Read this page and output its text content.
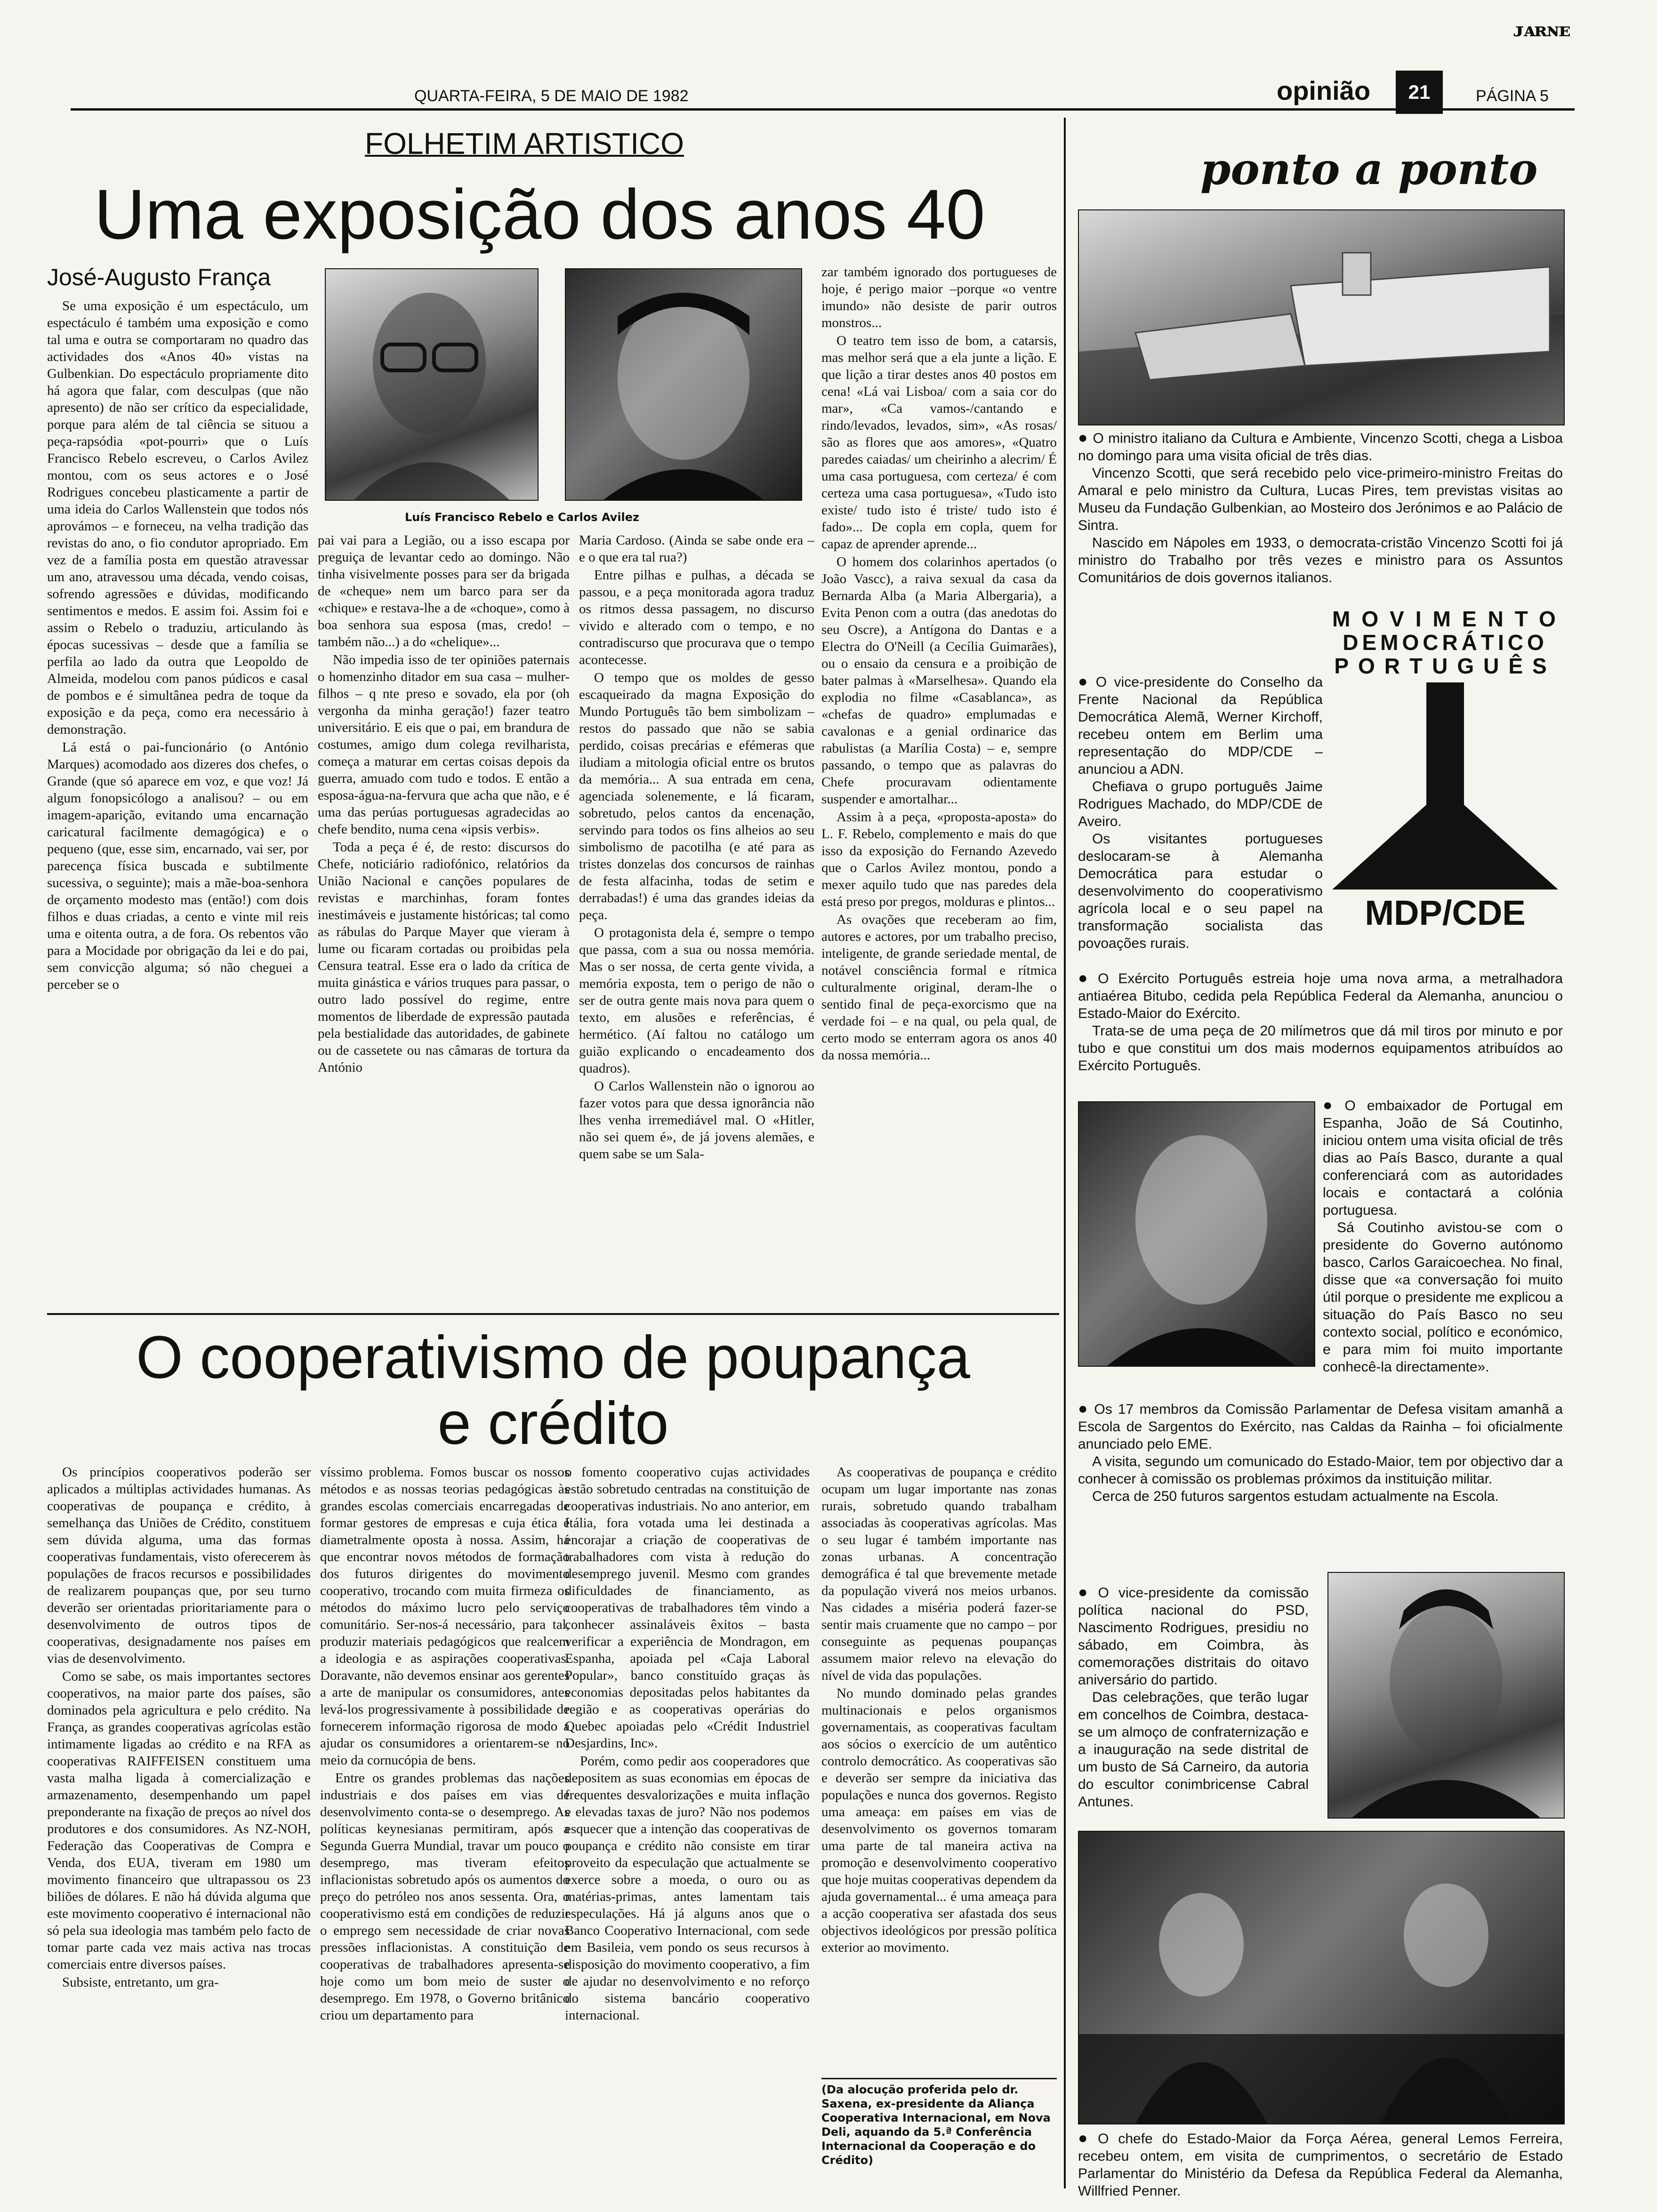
ᴊᴀʀɴᴇ
QUARTA-FEIRA, 5 DE MAIO DE 1982	opinião	21	PÁGINA 5
FOLHETIM ARTISTICO
Uma exposição dos anos 40
José-Augusto França

Se uma exposição é um espectáculo, um espectáculo é também uma exposição e como tal uma e outra se comportaram no quadro das actividades dos «Anos 40» vistas na Gulbenkian. Do espectáculo propriamente dito há agora que falar, com desculpas (que não apresento) de não ser crítico da especialidade, porque para além de tal ciência se situou a peça-rapsódia «pot-pourri» que o Luís Francisco Rebelo escreveu, o Carlos Avilez montou, com os seus actores e o José Rodrigues concebeu plasticamente a partir de uma ideia do Carlos Wallenstein que todos nós aprovámos – e forneceu, na velha tradição das revistas do ano, o fio condutor apropriado. Em vez de a família posta em questão atravessar um ano, atravessou uma década, vendo coisas, sofrendo agressões e dúvidas, modificando sentimentos e medos. E assim foi. Assim foi e assim o Rebelo o traduziu, articulando às épocas sucessivas – desde que a família se perfila ao lado da outra que Leopoldo de Almeida, modelou com panos púdicos e casal de pombos e é simultânea pedra de toque da exposição e da peça, como era necessário à demonstração.

Lá está o pai-funcionário (o António Marques) acomodado aos dizeres dos chefes, o Grande (que só aparece em voz, e que voz! Já algum fonopsicólogo a analisou? – ou em imagem-aparição, evitando uma encarnação caricatural facilmente demagógica) e o pequeno (que, esse sim, encarnado, vai ser, por parecença física buscada e subtilmente sucessiva, o seguinte); mais a mãe-boa-senhora de orçamento modesto mas (então!) com dois filhos e duas criadas, a cento e vinte mil reis uma e oitenta outra, a de fora. Os rebentos vão para a Mocidade por obrigação da lei e do pai, sem convicção alguma; só não cheguei a perceber se o

Luís Francisco Rebelo e Carlos Avilez

pai vai para a Legião, ou a isso escapa por preguiça de levantar cedo ao domingo. Não tinha visivelmente posses para ser da brigada de «cheque» nem um barco para ser da «chique» e restava-lhe a de «choque», como à boa senhora sua esposa (mas, credo! – também não...) a do «chelique»...

Não impedia isso de ter opiniões paternais o homenzinho ditador em sua casa – mulher-filhos – q nte preso e sovado, ela por (oh vergonha da minha geração!) fazer teatro universitário. E eis que o pai, em brandura de costumes, amigo dum colega revilharista, começa a maturar em certas coisas depois da guerra, amuado com tudo e todos. E então a esposa-água-na-fervura que acha que não, e é uma das perúas portuguesas agradecidas ao chefe bendito, numa cena «ipsis verbis».

Toda a peça é é, de resto: discursos do Chefe, noticiário radiofónico, relatórios da União Nacional e canções populares de revistas e marchinhas, foram fontes inestimáveis e justamente históricas; tal como as rábulas do Parque Mayer que vieram à lume ou ficaram cortadas ou proibidas pela Censura teatral. Esse era o lado da crítica de muita ginástica e vários truques para passar, o outro lado possível do regime, entre momentos de liberdade de expressão pautada pela bestialidade das autoridades, de gabinete ou de cassetete ou nas câmaras de tortura da António

Maria Cardoso. (Ainda se sabe onde era – e o que era tal rua?)

Entre pilhas e pulhas, a década se passou, e a peça monitorada agora traduz os ritmos dessa passagem, no discurso vivido e alterado com o tempo, e no contradiscurso que procurava que o tempo acontecesse.

O tempo que os moldes de gesso escaqueirado da magna Exposição do Mundo Português tão bem simbolizam – restos do passado que não se sabia perdido, coisas precárias e efémeras que iludiam a mitologia oficial entre os brutos da memória... A sua entrada em cena, agenciada solenemente, e lá ficaram, sobretudo, pelos cantos da encenação, servindo para todos os fins alheios ao seu simbolismo de pacotilha (e até para as tristes donzelas dos concursos de rainhas de festa alfacinha, todas de setim e derrabadas!) é uma das grandes ideias da peça.

O protagonista dela é, sempre o tempo que passa, com a sua ou nossa memória. Mas o ser nossa, de certa gente vivida, a memória exposta, tem o perigo de não o ser de outra gente mais nova para quem o texto, em alusões e referências, é hermético. (Aí faltou no catálogo um guião explicando o encadeamento dos quadros).

O Carlos Wallenstein não o ignorou ao fazer votos para que dessa ignorância não lhes venha irremediável mal. O «Hitler, não sei quem é», de já jovens alemães, e quem sabe se um Sala-

zar também ignorado dos portugueses de hoje, é perigo maior –porque «o ventre imundo» não desiste de parir outros monstros...

O teatro tem isso de bom, a catarsis, mas melhor será que a ela junte a lição. E que lição a tirar destes anos 40 postos em cena! «Lá vai Lisboa/ com a saia cor do mar», «Ca vamos-/cantando e rindo/levados, levados, sim», «As rosas/ são as flores que aos amores», «Quatro paredes caiadas/ um cheirinho a alecrim/ É uma casa portuguesa, com certeza/ é com certeza uma casa portuguesa», «Tudo isto existe/ tudo isto é triste/ tudo isto é fado»... De copla em copla, quem for capaz de aprender aprende...

O homem dos colarinhos apertados (o João Vascc), a raiva sexual da casa da Bernarda Alba (a Maria Albergaria), a Evita Penon com a outra (das anedotas do seu Oscre), a Antígona do Dantas e a Electra do O'Neill (a Cecília Guimarães), ou o ensaio da censura e a proibição de bater palmas à «Marselhesa». Quando ela explodia no filme «Casablanca», as «chefas de quadro» emplumadas e cavalonas e a genial ordinarice das rabulistas (a Marília Costa) – e, sempre passando, o tempo que as palavras do Chefe procuravam odientamente suspender e amortalhar...

Assim à a peça, «proposta-aposta» do L. F. Rebelo, complemento e mais do que isso da exposição do Fernando Azevedo que o Carlos Avilez montou, pondo a mexer aquilo tudo que nas paredes dela está preso por pregos, molduras e plintos...

As ovações que receberam ao fim, autores e actores, por um trabalho preciso, inteligente, de grande seriedade mental, de notável consciência formal e rítmica culturalmente original, deram-lhe o sentido final de peça-exorcismo que na verdade foi – e na qual, ou pela qual, de certo modo se enterram agora os anos 40 da nossa memória...

O cooperativismo de poupança
e crédito

Os princípios cooperativos poderão ser aplicados a múltiplas actividades humanas. As cooperativas de poupança e crédito, à semelhança das Uniões de Crédito, constituem sem dúvida alguma, uma das formas cooperativas fundamentais, visto oferecerem às populações de fracos recursos e possibilidades de realizarem poupanças que, por seu turno deverão ser orientadas prioritariamente para o desenvolvimento de outros tipos de cooperativas, designadamente nos países em vias de desenvolvimento.

Como se sabe, os mais importantes sectores cooperativos, na maior parte dos países, são dominados pela agricultura e pelo crédito. Na França, as grandes cooperativas agrícolas estão intimamente ligadas ao crédito e na RFA as cooperativas RAIFFEISEN constituem uma vasta malha ligada à comercialização e armazenamento, desempenhando um papel preponderante na fixação de preços ao nível dos produtores e dos consumidores. As NZ-NOH, Federação das Cooperativas de Compra e Venda, dos EUA, tiveram em 1980 um movimento financeiro que ultrapassou os 23 biliões de dólares. E não há dúvida alguma que este movimento cooperativo é internacional não só pela sua ideologia mas também pelo facto de tomar parte cada vez mais activa nas trocas comerciais entre diversos países.

Subsiste, entretanto, um gra-

víssimo problema. Fomos buscar os nossos métodos e as nossas teorias pedagógicas às grandes escolas comerciais encarregadas de formar gestores de empresas e cuja ética é diametralmente oposta à nossa. Assim, há que encontrar novos métodos de formação dos futuros dirigentes do movimento cooperativo, trocando com muita firmeza os métodos do máximo lucro pelo serviço comunitário. Ser-nos-á necessário, para tal, produzir materiais pedagógicos que realcem a ideologia e as aspirações cooperativas. Doravante, não devemos ensinar aos gerentes a arte de manipular os consumidores, antes levá-los progressivamente à possibilidade de fornecerem informação rigorosa de modo a ajudar os consumidores a orientarem-se no meio da cornucópia de bens.

Entre os grandes problemas das nações industriais e dos países em vias de desenvolvimento conta-se o desemprego. As políticas keynesianas permitiram, após a Segunda Guerra Mundial, travar um pouco o desemprego, mas tiveram efeitos inflacionistas sobretudo após os aumentos do preço do petróleo nos anos sessenta. Ora, o cooperativismo está em condições de reduzir o emprego sem necessidade de criar novas pressões inflacionistas. A constituição de cooperativas de trabalhadores apresenta-se hoje como um bom meio de suster o desemprego. Em 1978, o Governo britânico criou um departamento para

o fomento cooperativo cujas actividades estão sobretudo centradas na constituição de cooperativas industriais. No ano anterior, em Itália, fora votada uma lei destinada a encorajar a criação de cooperativas de trabalhadores com vista à redução do desemprego juvenil. Mesmo com grandes dificuldades de financiamento, as cooperativas de trabalhadores têm vindo a conhecer assinaláveis êxitos – basta verificar a experiência de Mondragon, em Espanha, apoiada pel «Caja Laboral Popular», banco constituído graças às economias depositadas pelos habitantes da região e as cooperativas operárias do Quebec apoiadas pelo «Crédit Industriel Desjardins, Inc».

Porém, como pedir aos cooperadores que depositem as suas economias em épocas de frequentes desvalorizações e muita inflação e elevadas taxas de juro? Não nos podemos esquecer que a intenção das cooperativas de poupança e crédito não consiste em tirar proveito da especulação que actualmente se exerce sobre a moeda, o ouro ou as matérias-primas, antes lamentam tais especulações. Há já alguns anos que o Banco Cooperativo Internacional, com sede em Basileia, vem pondo os seus recursos à disposição do movimento cooperativo, a fim de ajudar no desenvolvimento e no reforço do sistema bancário cooperativo internacional.

As cooperativas de poupança e crédito ocupam um lugar importante nas zonas rurais, sobretudo quando trabalham associadas às cooperativas agrícolas. Mas o seu lugar é também importante nas zonas urbanas. A concentração demográfica é tal que brevemente metade da população viverá nos meios urbanos. Nas cidades a miséria poderá fazer-se sentir mais cruamente que no campo – por conseguinte as pequenas poupanças assumem maior relevo na elevação do nível de vida das populações.

No mundo dominado pelas grandes multinacionais e pelos organismos governamentais, as cooperativas facultam aos sócios o exercício de um autêntico controlo democrático. As cooperativas são e deverão ser sempre da iniciativa das populações e nunca dos governos. Registo uma ameaça: em países em vias de desenvolvimento os governos tomaram uma parte de tal maneira activa na promoção e desenvolvimento cooperativo que hoje muitas cooperativas dependem da ajuda governamental... é uma ameaça para a acção cooperativa ser afastada dos seus objectivos ideológicos por pressão política exterior ao movimento.

(Da alocução proferida pelo dr. Saxena, ex-presidente da Aliança Cooperativa Internacional, em Nova Deli, aquando da 5.ª Conferência Internacional da Cooperação e do Crédito)
ponto a ponto

● O ministro italiano da Cultura e Ambiente, Vincenzo Scotti, chega a Lisboa no domingo para uma visita oficial de três dias.

Vincenzo Scotti, que será recebido pelo vice-primeiro-ministro Freitas do Amaral e pelo ministro da Cultura, Lucas Pires, tem previstas visitas ao Museu da Fundação Gulbenkian, ao Mosteiro dos Jerónimos e ao Palácio de Sintra.

Nascido em Nápoles em 1933, o democrata-cristão Vincenzo Scotti foi já ministro do Trabalho por três vezes e ministro para os Assuntos Comunitários de dois governos italianos.

MOVIMENTO
DEMOCRÁTICO
PORTUGUÊS
MDP/CDE

● O vice-presidente do Conselho da Frente Nacional da República Democrática Alemã, Werner Kirchoff, recebeu ontem em Berlim uma representação do MDP/CDE – anunciou a ADN.

Chefiava o grupo português Jaime Rodrigues Machado, do MDP/CDE de Aveiro.

Os visitantes portugueses deslocaram-se à Alemanha Democrática para estudar o desenvolvimento do cooperativismo agrícola local e o seu papel na transformação socialista das povoações rurais.

● O Exército Português estreia hoje uma nova arma, a metralhadora antiaérea Bitubo, cedida pela República Federal da Alemanha, anunciou o Estado-Maior do Exército.

Trata-se de uma peça de 20 milímetros que dá mil tiros por minuto e por tubo e que constitui um dos mais modernos equipamentos atribuídos ao Exército Português.

● O embaixador de Portugal em Espanha, João de Sá Coutinho, iniciou ontem uma visita oficial de três dias ao País Basco, durante a qual conferenciará com as autoridades locais e contactará a colónia portuguesa.

Sá Coutinho avistou-se com o presidente do Governo autónomo basco, Carlos Garaicoechea. No final, disse que «a conversação foi muito útil porque o presidente me explicou a situação do País Basco no seu contexto social, político e económico, e para mim foi muito importante conhecê-la directamente».

● Os 17 membros da Comissão Parlamentar de Defesa visitam amanhã a Escola de Sargentos do Exército, nas Caldas da Rainha – foi oficialmente anunciado pelo EME.

A visita, segundo um comunicado do Estado-Maior, tem por objectivo dar a conhecer à comissão os problemas próximos da instituição militar.

Cerca de 250 futuros sargentos estudam actualmente na Escola.

● O vice-presidente da comissão política nacional do PSD, Nascimento Rodrigues, presidiu no sábado, em Coimbra, às comemorações distritais do oitavo aniversário do partido.

Das celebrações, que terão lugar em concelhos de Coimbra, destaca-se um almoço de confraternização e a inauguração na sede distrital de um busto de Sá Carneiro, da autoria do escultor conimbricense Cabral Antunes.

● O chefe do Estado-Maior da Força Aérea, general Lemos Ferreira, recebeu ontem, em visita de cumprimentos, o secretário de Estado Parlamentar do Ministério da Defesa da República Federal da Alemanha, Willfried Penner.
